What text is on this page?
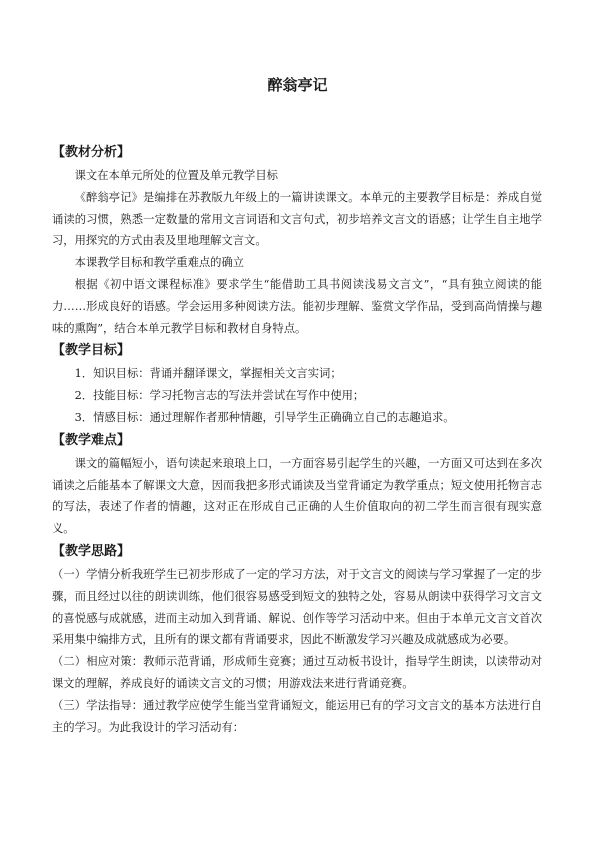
醉翁亭记
【教材分析】

课文在本单元所处的位置及单元教学目标

《醉翁亭记》是编排在苏教版九年级上的一篇讲读课文。本单元的主要教学目标是：养成自觉诵读的习惯，熟悉一定数量的常用文言词语和文言句式，初步培养文言文的语感；让学生自主地学习，用探究的方式由表及里地理解文言文。

本课教学目标和教学重难点的确立

根据《初中语文课程标准》要求学生“能借助工具书阅读浅易文言文”，“具有独立阅读的能力……形成良好的语感。学会运用多种阅读方法。能初步理解、鉴赏文学作品，受到高尚情操与趣味的熏陶”，结合本单元教学目标和教材自身特点。

【教学目标】

1．知识目标：背诵并翻译课文，掌握相关文言实词；

2．技能目标：学习托物言志的写法并尝试在写作中使用；

3．情感目标：通过理解作者那种情趣，引导学生正确确立自己的志趣追求。

【教学难点】

课文的篇幅短小，语句读起来琅琅上口，一方面容易引起学生的兴趣，一方面又可达到在多次诵读之后能基本了解课文大意，因而我把多形式诵读及当堂背诵定为教学重点；短文使用托物言志的写法，表述了作者的情趣，这对正在形成自己正确的人生价值取向的初二学生而言很有现实意义。

【教学思路】

（一）学情分析我班学生已初步形成了一定的学习方法，对于文言文的阅读与学习掌握了一定的步骤，而且经过以往的朗读训练，他们很容易感受到短文的独特之处，容易从朗读中获得学习文言文的喜悦感与成就感，进而主动加入到背诵、解说、创作等学习活动中来。但由于本单元文言文首次采用集中编排方式，且所有的课文都有背诵要求，因此不断激发学习兴趣及成就感成为必要。

（二）相应对策：教师示范背诵，形成师生竞赛；通过互动板书设计，指导学生朗读，以读带动对课文的理解，养成良好的诵读文言文的习惯；用游戏法来进行背诵竞赛。

（三）学法指导：通过教学应使学生能当堂背诵短文，能运用已有的学习文言文的基本方法进行自主的学习。为此我设计的学习活动有：
